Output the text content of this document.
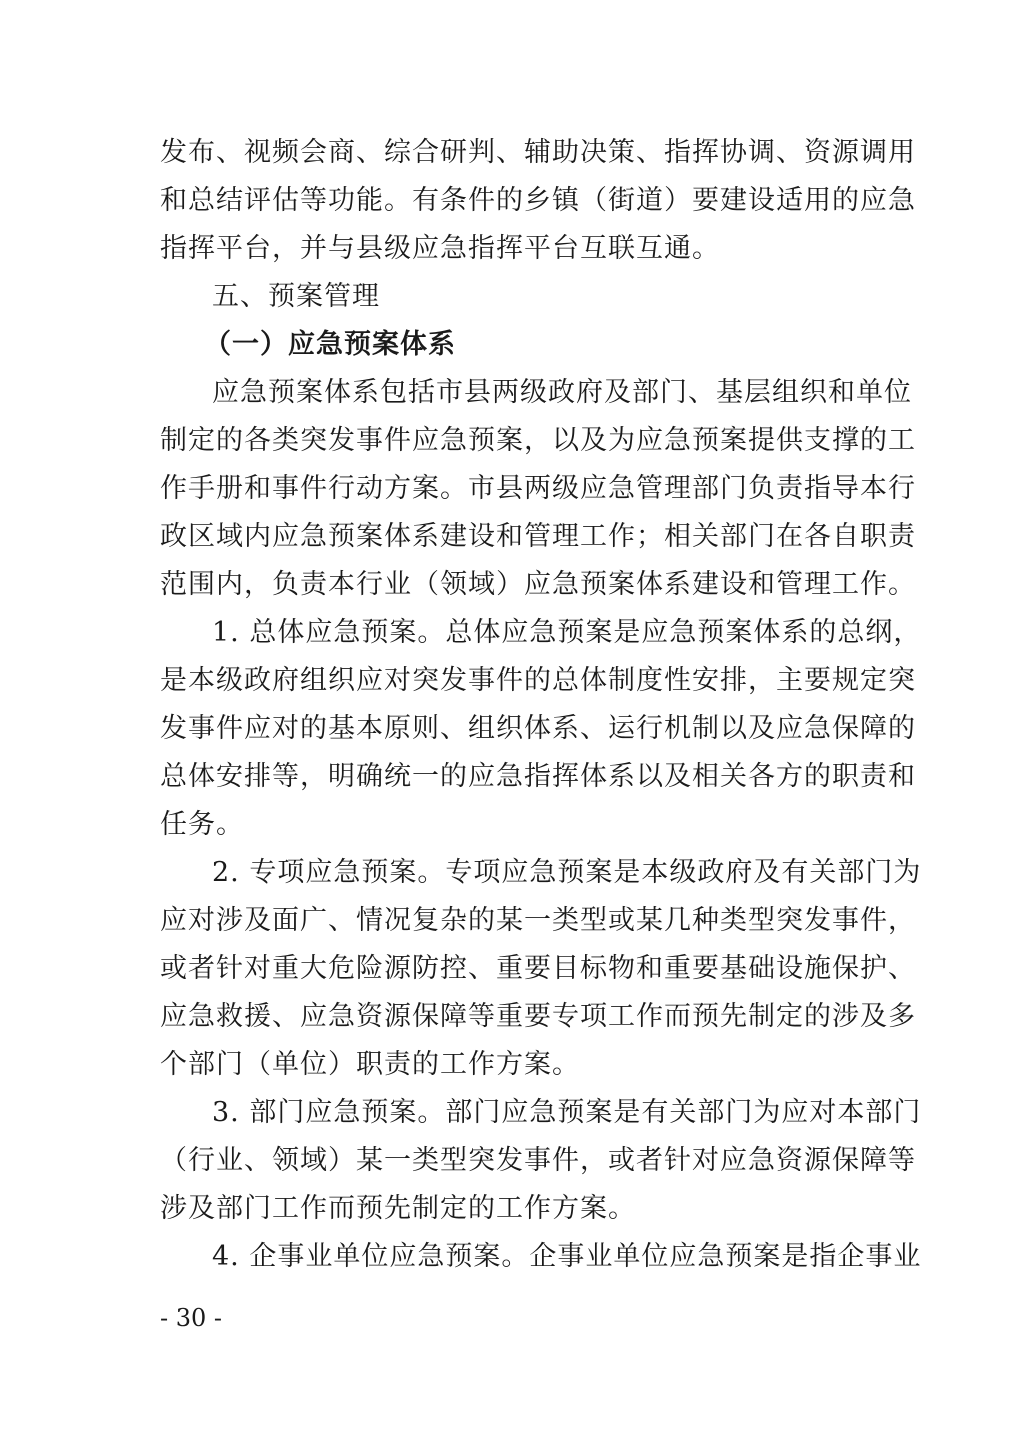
发布、视频会商、综合研判、辅助决策、指挥协调、资源调用
和总结评估等功能。有条件的乡镇（街道）要建设适用的应急
指挥平台，并与县级应急指挥平台互联互通。
五、预案管理
（一）应急预案体系
应急预案体系包括市县两级政府及部门、基层组织和单位
制定的各类突发事件应急预案，以及为应急预案提供支撑的工
作手册和事件行动方案。市县两级应急管理部门负责指导本行
政区域内应急预案体系建设和管理工作；相关部门在各自职责
范围内，负责本行业（领域）应急预案体系建设和管理工作。
1. 总体应急预案。总体应急预案是应急预案体系的总纲，
是本级政府组织应对突发事件的总体制度性安排，主要规定突
发事件应对的基本原则、组织体系、运行机制以及应急保障的
总体安排等，明确统一的应急指挥体系以及相关各方的职责和
任务。
2. 专项应急预案。专项应急预案是本级政府及有关部门为
应对涉及面广、情况复杂的某一类型或某几种类型突发事件，
或者针对重大危险源防控、重要目标物和重要基础设施保护、
应急救援、应急资源保障等重要专项工作而预先制定的涉及多
个部门（单位）职责的工作方案。
3. 部门应急预案。部门应急预案是有关部门为应对本部门
（行业、领域）某一类型突发事件，或者针对应急资源保障等
涉及部门工作而预先制定的工作方案。
4. 企事业单位应急预案。企事业单位应急预案是指企事业
- 30 -
